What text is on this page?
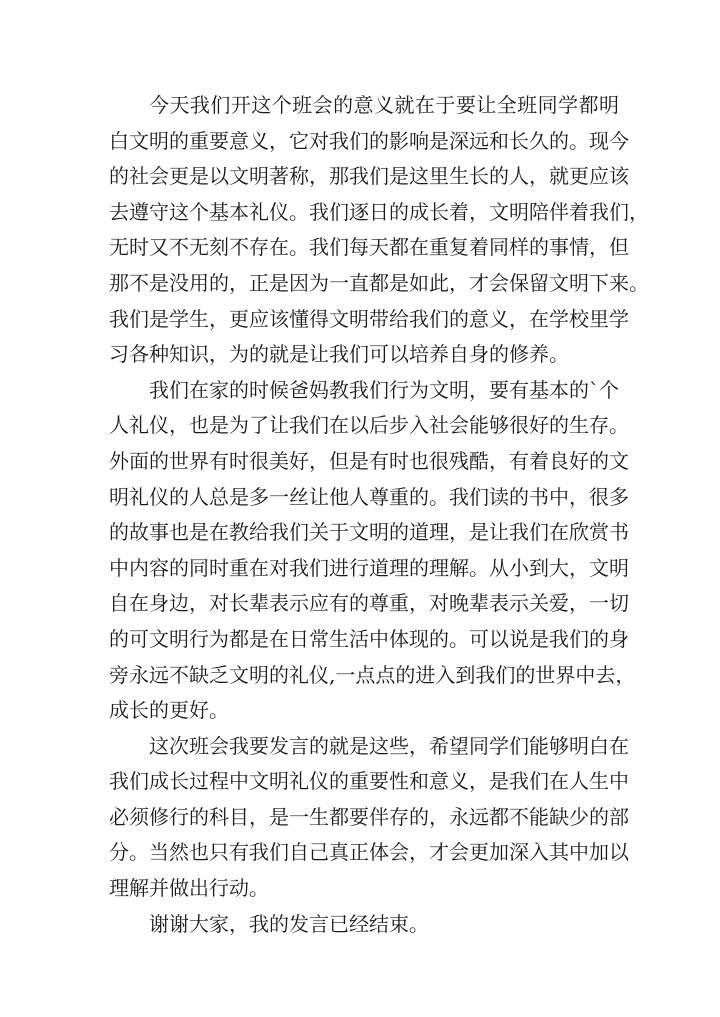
今天我们开这个班会的意义就在于要让全班同学都明
白文明的重要意义，它对我们的影响是深远和长久的。现今
的社会更是以文明著称，那我们是这里生长的人，就更应该
去遵守这个基本礼仪。我们逐日的成长着，文明陪伴着我们，
无时又不无刻不存在。我们每天都在重复着同样的事情，但
那不是没用的，正是因为一直都是如此，才会保留文明下来。
我们是学生，更应该懂得文明带给我们的意义，在学校里学
习各种知识，为的就是让我们可以培养自身的修养。
我们在家的时候爸妈教我们行为文明，要有基本的`个
人礼仪，也是为了让我们在以后步入社会能够很好的生存。
外面的世界有时很美好，但是有时也很残酷，有着良好的文
明礼仪的人总是多一丝让他人尊重的。我们读的书中，很多
的故事也是在教给我们关于文明的道理，是让我们在欣赏书
中内容的同时重在对我们进行道理的理解。从小到大，文明
自在身边，对长辈表示应有的尊重，对晚辈表示关爱，一切
的可文明行为都是在日常生活中体现的。可以说是我们的身
旁永远不缺乏文明的礼仪,一点点的进入到我们的世界中去，
成长的更好。
这次班会我要发言的就是这些，希望同学们能够明白在
我们成长过程中文明礼仪的重要性和意义，是我们在人生中
必须修行的科目，是一生都要伴存的，永远都不能缺少的部
分。当然也只有我们自己真正体会，才会更加深入其中加以
理解并做出行动。
谢谢大家，我的发言已经结束。
